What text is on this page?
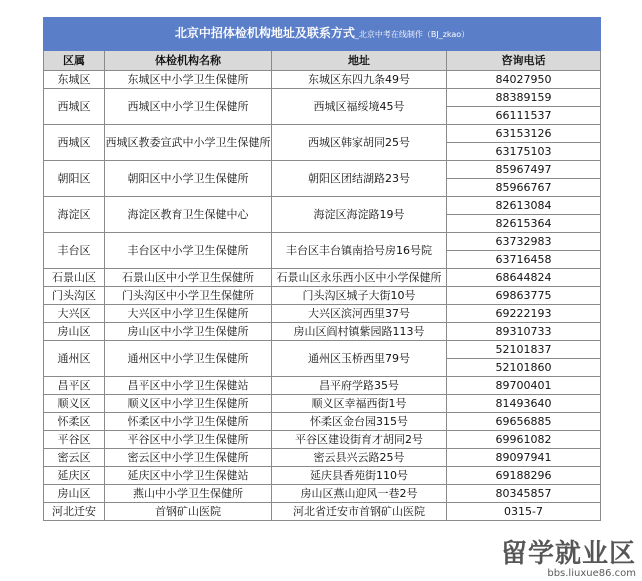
北京中招体检机构地址及联系方式_北京中考在线制作（BJ_zkao）			
区属	体检机构名称	地址	咨询电话
东城区	东城区中小学卫生保健所	东城区东四九条49号	84027950
西城区	西城区中小学卫生保健所	西城区福绥境45号	88389159
			66111537
西城区	西城区教委宣武中小学卫生保健所	西城区韩家胡同25号	63153126
			63175103
朝阳区	朝阳区中小学卫生保健所	朝阳区团结湖路23号	85967497
			85966767
海淀区	海淀区教育卫生保健中心	海淀区海淀路19号	82613084
			82615364
丰台区	丰台区中小学卫生保健所	丰台区丰台镇南拾号房16号院	63732983
			63716458
石景山区	石景山区中小学卫生保健所	石景山区永乐西小区中小学保健所	68644824
门头沟区	门头沟区中小学卫生保健所	门头沟区城子大街10号	69863775
大兴区	大兴区中小学卫生保健所	大兴区滨河西里37号	69222193
房山区	房山区中小学卫生保健所	房山区阎村镇紫园路113号	89310733
通州区	通州区中小学卫生保健所	通州区玉桥西里79号	52101837
			52101860
昌平区	昌平区中小学卫生保健站	昌平府学路35号	89700401
顺义区	顺义区中小学卫生保健所	顺义区幸福西街1号	81493640
怀柔区	怀柔区中小学卫生保健所	怀柔区金台园315号	69656885
平谷区	平谷区中小学卫生保健所	平谷区建设街育才胡同2号	69961082
密云区	密云区中小学卫生保健所	密云县兴云路25号	89097941
延庆区	延庆区中小学卫生保健站	延庆县香苑街110号	69188296
房山区	燕山中小学卫生保健所	房山区燕山迎风一巷2号	80345857
河北迁安	首钢矿山医院	河北省迁安市首钢矿山医院	0315-7
留学就业区
bbs.liuxue86.com
